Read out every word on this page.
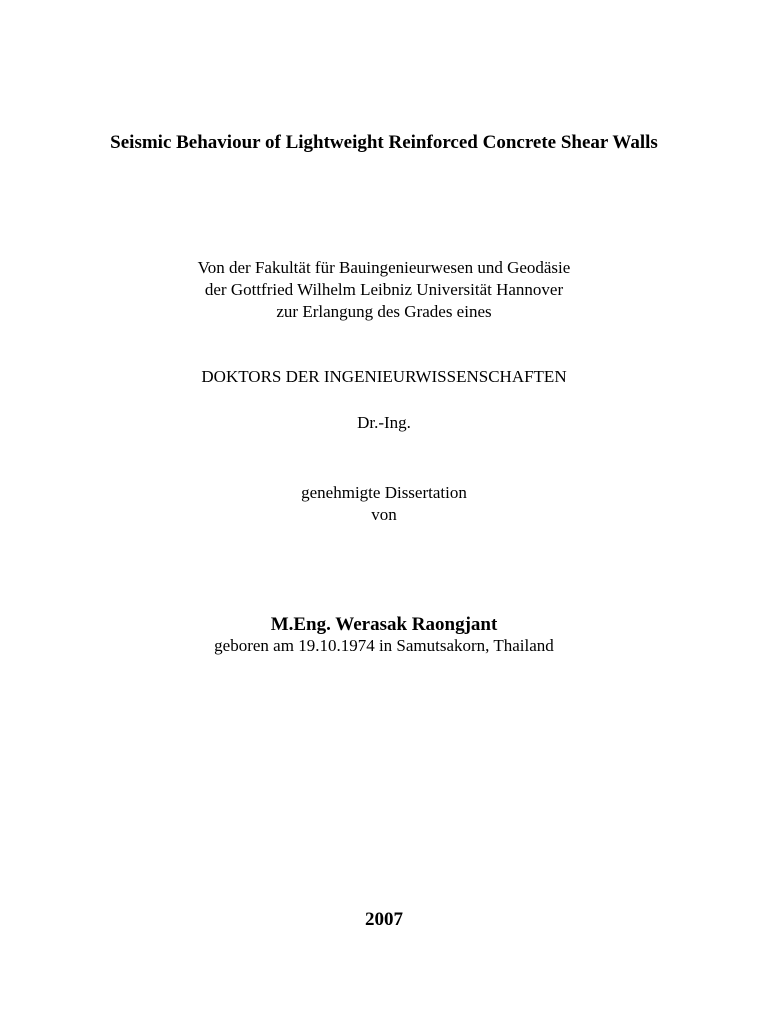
Seismic Behaviour of Lightweight Reinforced Concrete Shear Walls
Von der Fakultät für Bauingenieurwesen und Geodäsie
der Gottfried Wilhelm Leibniz Universität Hannover
zur Erlangung des Grades eines
DOKTORS DER INGENIEURWISSENSCHAFTEN
Dr.-Ing.
genehmigte Dissertation
von
M.Eng. Werasak Raongjant
geboren am 19.10.1974 in Samutsakorn, Thailand
2007
